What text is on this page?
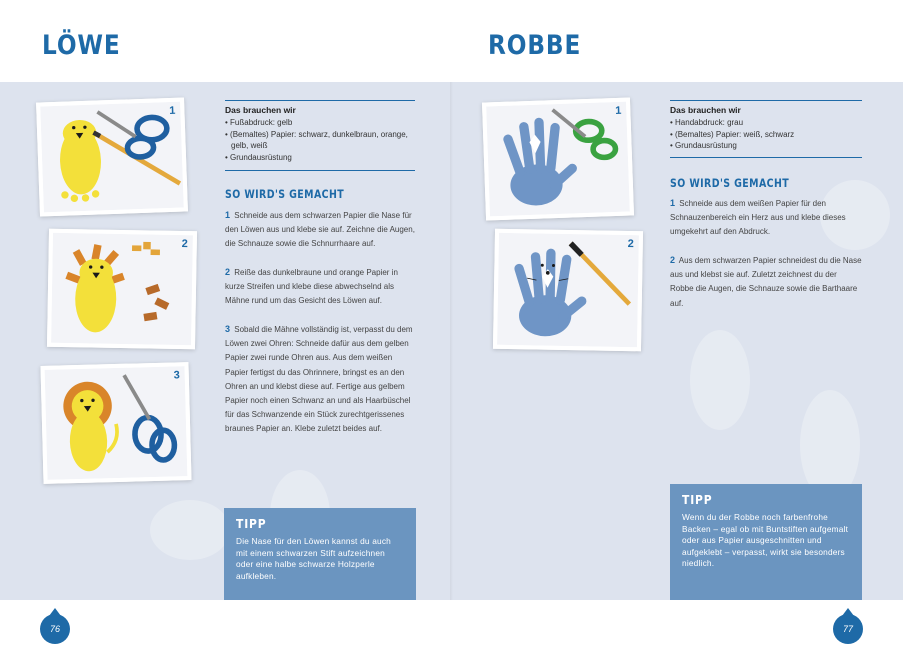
LÖWE
1
2
3
Das brauchen wir
• Fußabdruck: gelb
• (Bemaltes) Papier: schwarz, dunkelbraun, orange, gelb, weiß
• Grundausrüstung
SO WIRD'S GEMACHT

1 Schneide aus dem schwarzen Papier die Nase für den Löwen aus und klebe sie auf. Zeichne die Augen, die Schnauze sowie die Schnurrhaare auf.

2 Reiße das dunkelbraune und orange Papier in kurze Streifen und klebe diese abwechselnd als Mähne rund um das Gesicht des Löwen auf.

3 Sobald die Mähne vollständig ist, verpasst du dem Löwen zwei Ohren: Schneide dafür aus dem gelben Papier zwei runde Ohren aus. Aus dem weißen Papier fertigst du das Ohrinnere, bringst es an den Ohren an und klebst diese auf. Fertige aus gelbem Papier noch einen Schwanz an und als Haarbüschel für das Schwanzende ein Stück zurechtgerissenes braunes Papier an. Klebe zuletzt beides auf.

TIPP
Die Nase für den Löwen kannst du auch mit einem schwarzen Stift aufzeichnen oder eine halbe schwarze Holzperle aufkleben.
76
ROBBE
1
2
Das brauchen wir
• Handabdruck: grau
• (Bemaltes) Papier: weiß, schwarz
• Grundausrüstung
SO WIRD'S GEMACHT

1 Schneide aus dem weißen Papier für den Schnauzenbereich ein Herz aus und klebe dieses umgekehrt auf den Abdruck.

2 Aus dem schwarzen Papier schneidest du die Nase aus und klebst sie auf. Zuletzt zeichnest du der Robbe die Augen, die Schnauze sowie die Barthaare auf.

TIPP
Wenn du der Robbe noch farbenfrohe Backen – egal ob mit Buntstiften aufgemalt oder aus Papier ausgeschnitten und aufgeklebt – verpasst, wirkt sie besonders niedlich.
77
